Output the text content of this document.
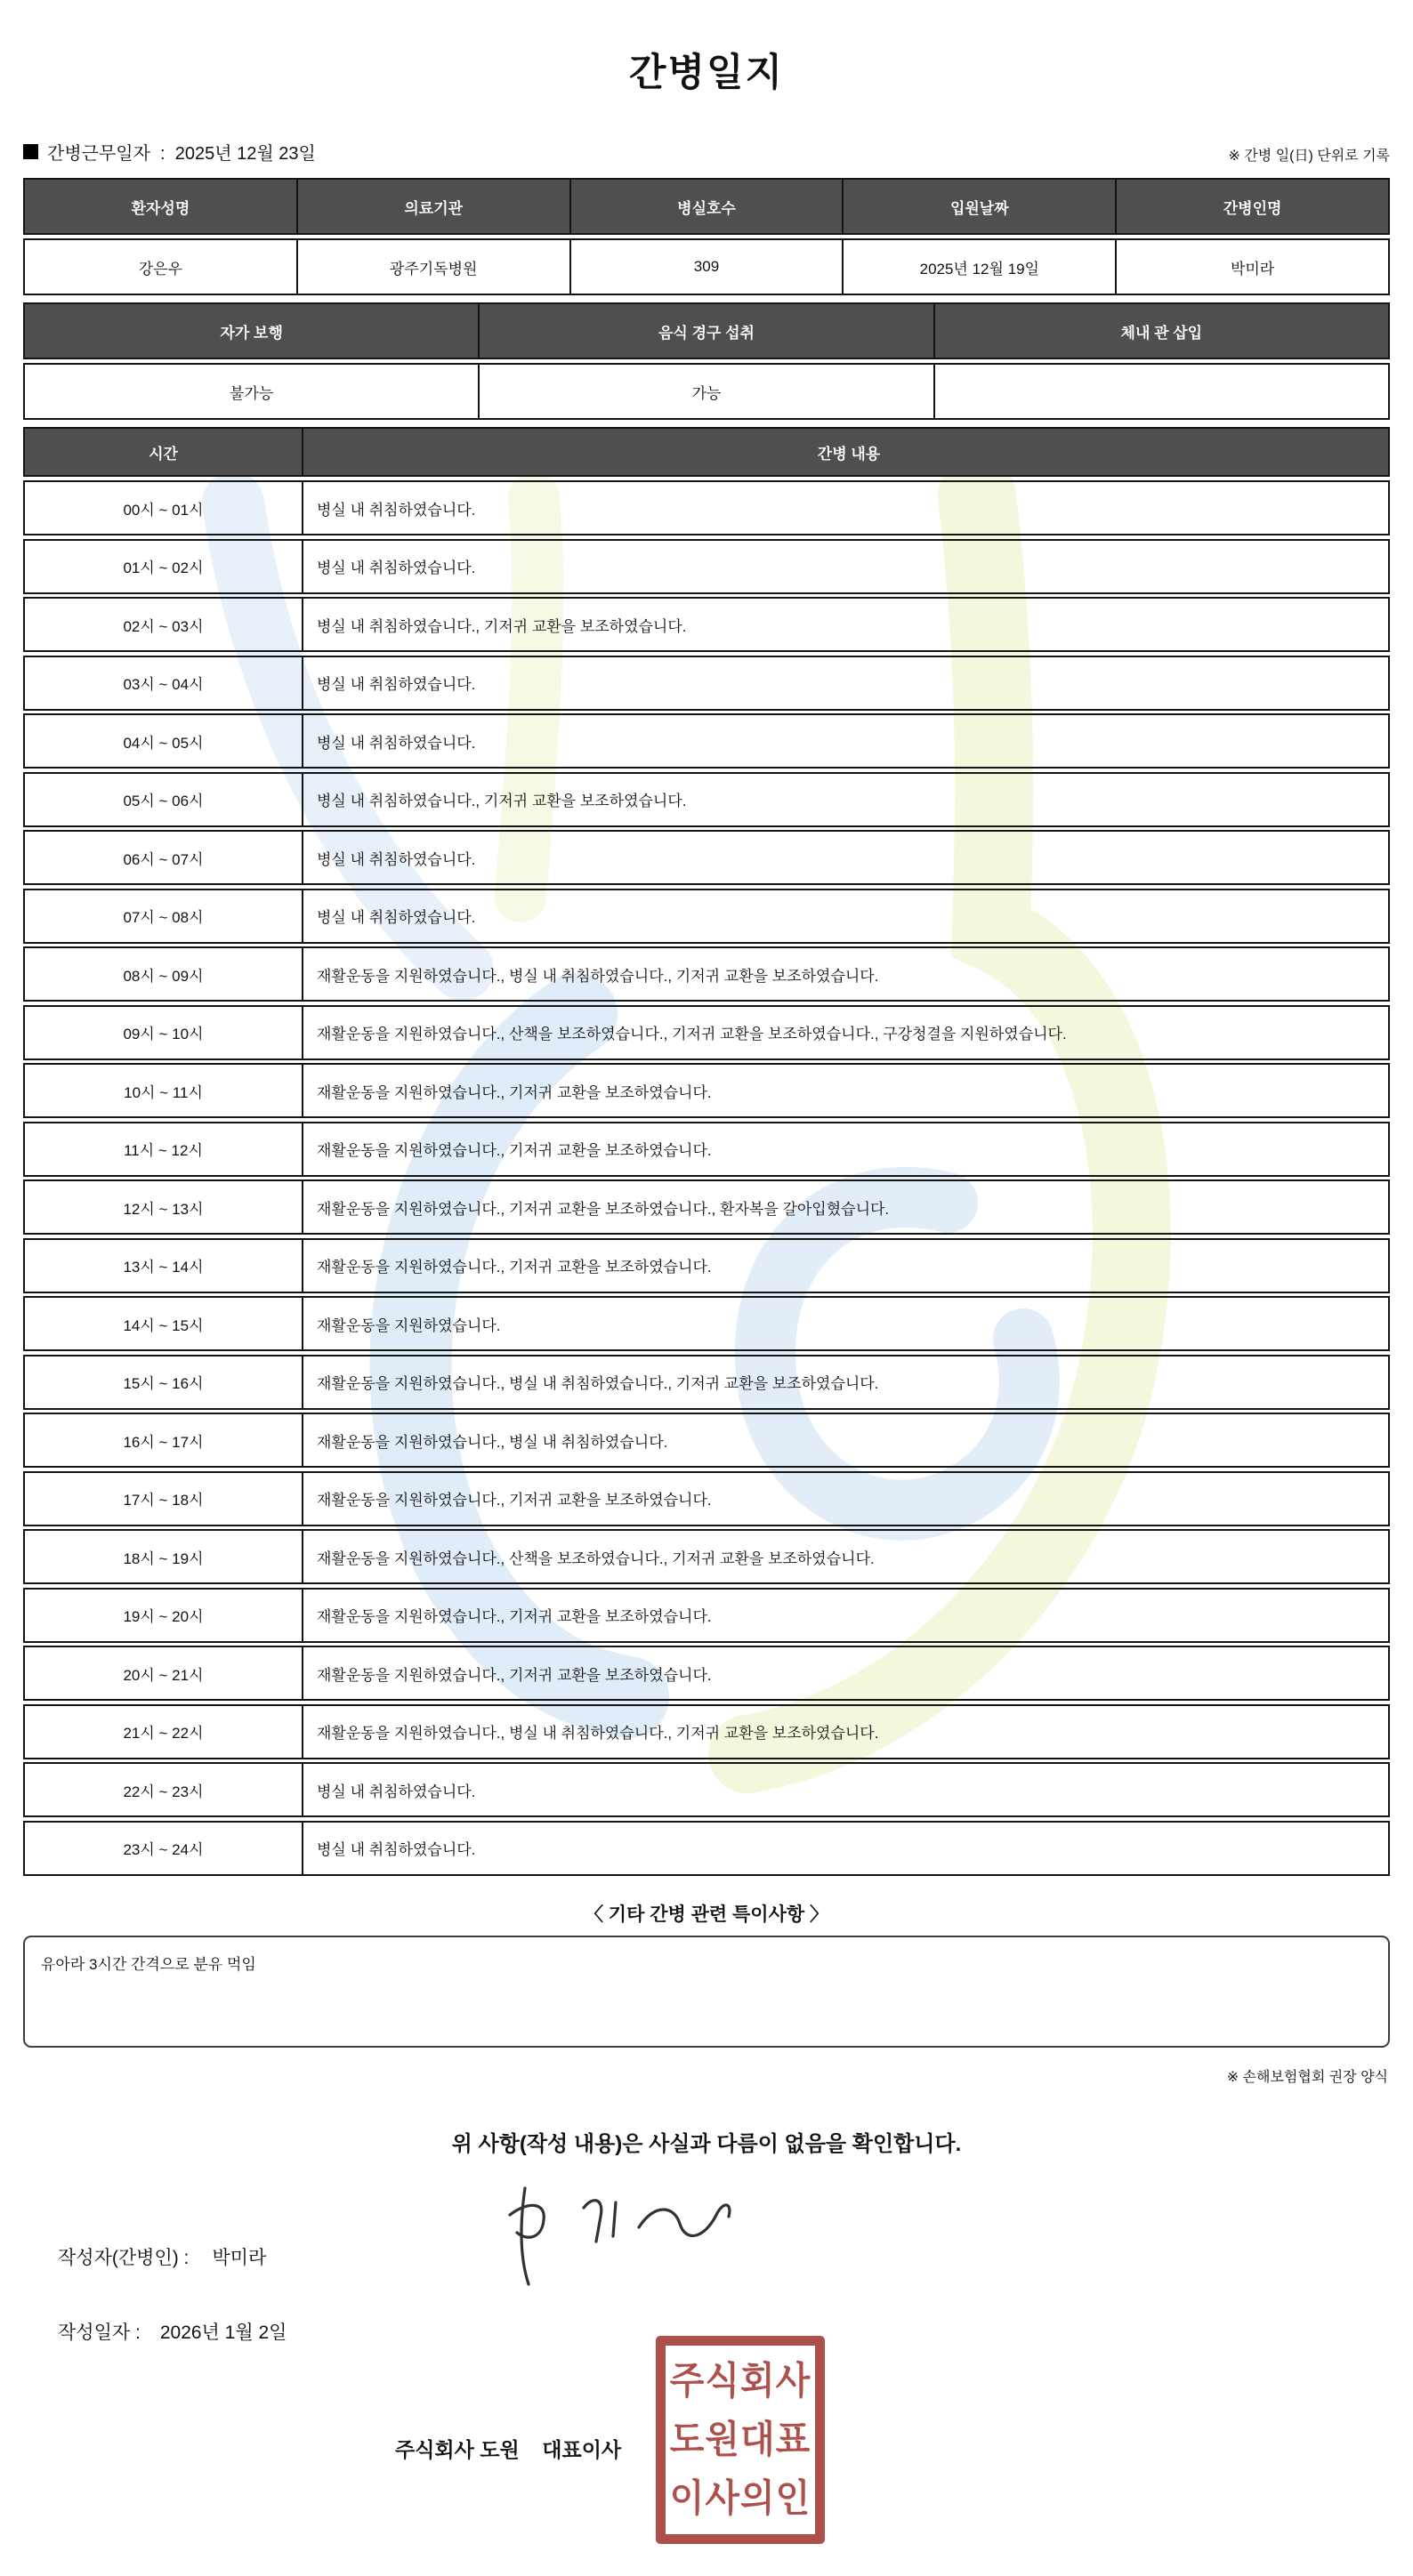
간병일지
간병근무일자  :  2025년 12월 23일	※ 간병 일(日) 단위로 기록
환자성명	의료기관	병실호수	입원날짜	간병인명
강은우	광주기독병원	309	2025년 12월 19일	박미라
자가 보행	음식 경구 섭취	체내 관 삽입
불가능	가능
시간	간병 내용
00시 ~ 01시	병실 내 취침하였습니다.
01시 ~ 02시	병실 내 취침하였습니다.
02시 ~ 03시	병실 내 취침하였습니다., 기저귀 교환을 보조하였습니다.
03시 ~ 04시	병실 내 취침하였습니다.
04시 ~ 05시	병실 내 취침하였습니다.
05시 ~ 06시	병실 내 취침하였습니다., 기저귀 교환을 보조하였습니다.
06시 ~ 07시	병실 내 취침하였습니다.
07시 ~ 08시	병실 내 취침하였습니다.
08시 ~ 09시	재활운동을 지원하였습니다., 병실 내 취침하였습니다., 기저귀 교환을 보조하였습니다.
09시 ~ 10시	재활운동을 지원하였습니다., 산책을 보조하였습니다., 기저귀 교환을 보조하였습니다., 구강청결을 지원하였습니다.
10시 ~ 11시	재활운동을 지원하였습니다., 기저귀 교환을 보조하였습니다.
11시 ~ 12시	재활운동을 지원하였습니다., 기저귀 교환을 보조하였습니다.
12시 ~ 13시	재활운동을 지원하였습니다., 기저귀 교환을 보조하였습니다., 환자복을 갈아입혔습니다.
13시 ~ 14시	재활운동을 지원하였습니다., 기저귀 교환을 보조하였습니다.
14시 ~ 15시	재활운동을 지원하였습니다.
15시 ~ 16시	재활운동을 지원하였습니다., 병실 내 취침하였습니다., 기저귀 교환을 보조하였습니다.
16시 ~ 17시	재활운동을 지원하였습니다., 병실 내 취침하였습니다.
17시 ~ 18시	재활운동을 지원하였습니다., 기저귀 교환을 보조하였습니다.
18시 ~ 19시	재활운동을 지원하였습니다., 산책을 보조하였습니다., 기저귀 교환을 보조하였습니다.
19시 ~ 20시	재활운동을 지원하였습니다., 기저귀 교환을 보조하였습니다.
20시 ~ 21시	재활운동을 지원하였습니다., 기저귀 교환을 보조하였습니다.
21시 ~ 22시	재활운동을 지원하였습니다., 병실 내 취침하였습니다., 기저귀 교환을 보조하였습니다.
22시 ~ 23시	병실 내 취침하였습니다.
23시 ~ 24시	병실 내 취침하였습니다.
〈 기타 간병 관련 특이사항 〉
유아라 3시간 간격으로 분유 먹임
※ 손해보험협회 권장 양식
위 사항(작성 내용)은 사실과 다름이 없음을 확인합니다.

작성자(간병인) : 박미라

작성일자 : 2026년 1월 2일

주식회사 도원    대표이사
주식회사
도원대표
이사의인
